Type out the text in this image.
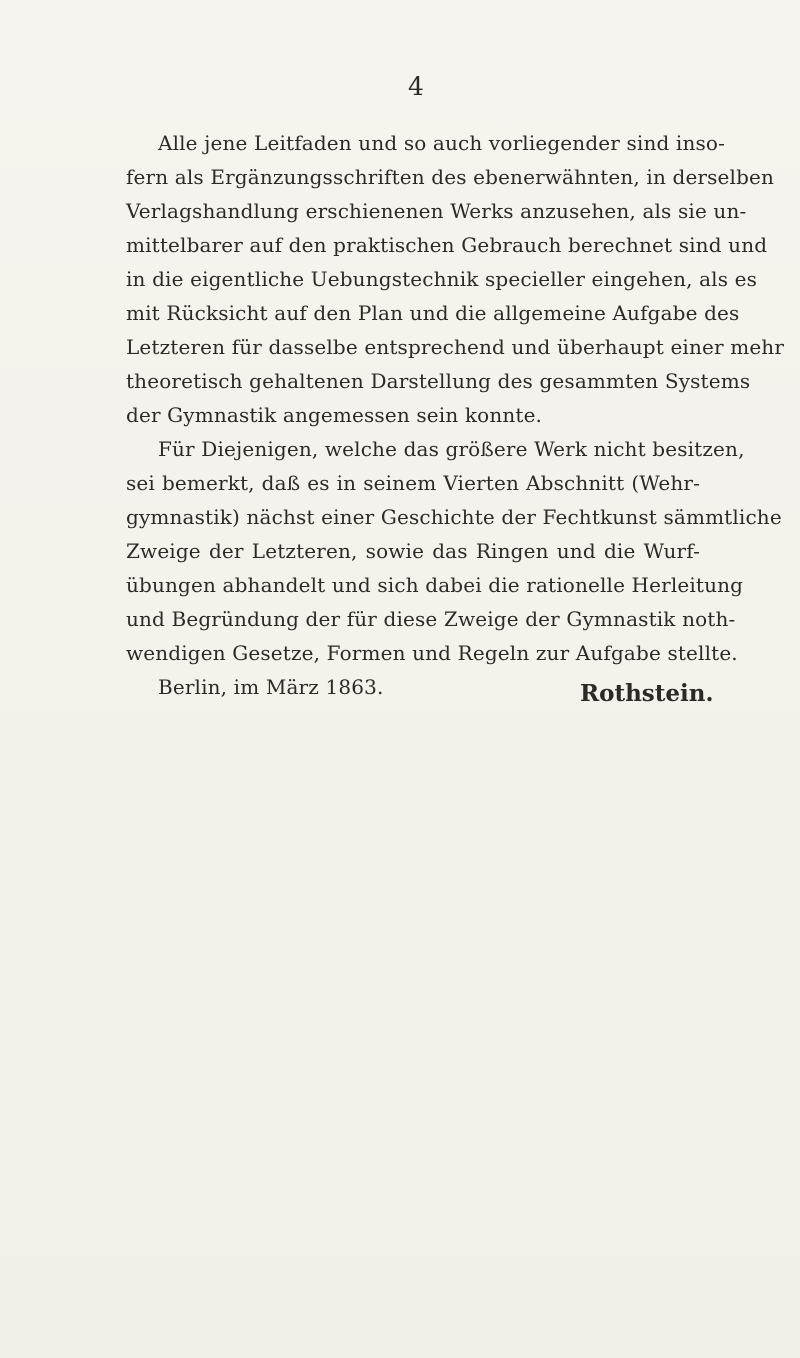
4
Alle jene Leitfaden und so auch vorliegender sind inso-
fern als Ergänzungsschriften des ebenerwähnten, in derselben
Verlagshandlung erschienenen Werks anzusehen, als sie un-
mittelbarer auf den praktischen Gebrauch berechnet sind und
in die eigentliche Uebungstechnik specieller eingehen, als es
mit Rücksicht auf den Plan und die allgemeine Aufgabe des
Letzteren für dasselbe entsprechend und überhaupt einer mehr
theoretisch gehaltenen Darstellung des gesammten Systems
der Gymnastik angemessen sein konnte.
Für Diejenigen, welche das größere Werk nicht besitzen,
sei bemerkt, daß es in seinem Vierten Abschnitt (Wehr-
gymnastik) nächst einer Geschichte der Fechtkunst sämmtliche
Zweige der Letzteren, sowie das Ringen und die Wurf-
übungen abhandelt und sich dabei die rationelle Herleitung
und Begründung der für diese Zweige der Gymnastik noth-
wendigen Gesetze, Formen und Regeln zur Aufgabe stellte.
Berlin, im März 1863.	Rothstein.
